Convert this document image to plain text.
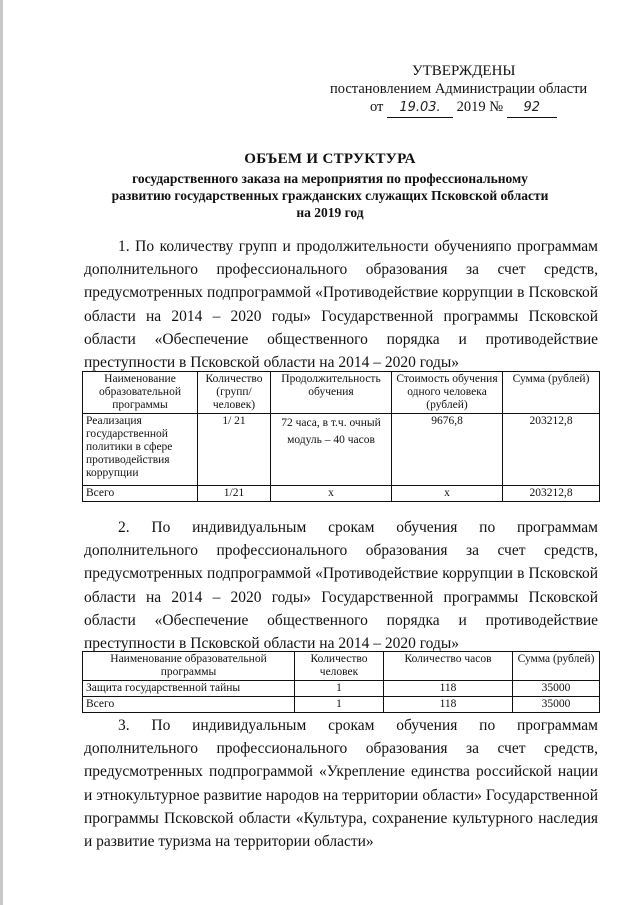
УТВЕРЖДЕНЫ
постановлением Администрации области
от 19.03. 2019 № 92
ОБЪЕМ И СТРУКТУРА
государственного заказа на мероприятия по профессиональному
развитию государственных гражданских служащих Псковской области
на 2019 год
1. По количеству групп и продолжительности обученияпо программам дополнительного профессионального образования за счет средств, предусмотренных подпрограммой «Противодействие коррупции в Псковской области на 2014 – 2020 годы» Государственной программы Псковской области «Обеспечение общественного порядка и противодействие преступности в Псковской области на 2014 – 2020 годы»
Наименование образовательной программы	Количество (групп/ человек)	Продолжительность обучения	Стоимость обучения одного человека (рублей)	Сумма (рублей)
Реализация государственной политики в сфере противодействия коррупции	1/ 21	72 часа, в т.ч. очный модуль – 40 часов	9676,8	203212,8
Всего	1/21	х	х	203212,8
2. По индивидуальным срокам обучения по программам дополнительного профессионального образования за счет средств, предусмотренных подпрограммой «Противодействие коррупции в Псковской области на 2014 – 2020 годы» Государственной программы Псковской области «Обеспечение общественного порядка и противодействие преступности в Псковской области на 2014 – 2020 годы»
Наименование образовательной программы	Количество человек	Количество часов	Сумма (рублей)
Защита государственной тайны	1	118	35000
Всего	1	118	35000
3. По индивидуальным срокам обучения по программам дополнительного профессионального образования за счет средств, предусмотренных подпрограммой «Укрепление единства российской нации и этнокультурное развитие народов на территории области» Государственной программы Псковской области «Культура, сохранение культурного наследия и развитие туризма на территории области»
